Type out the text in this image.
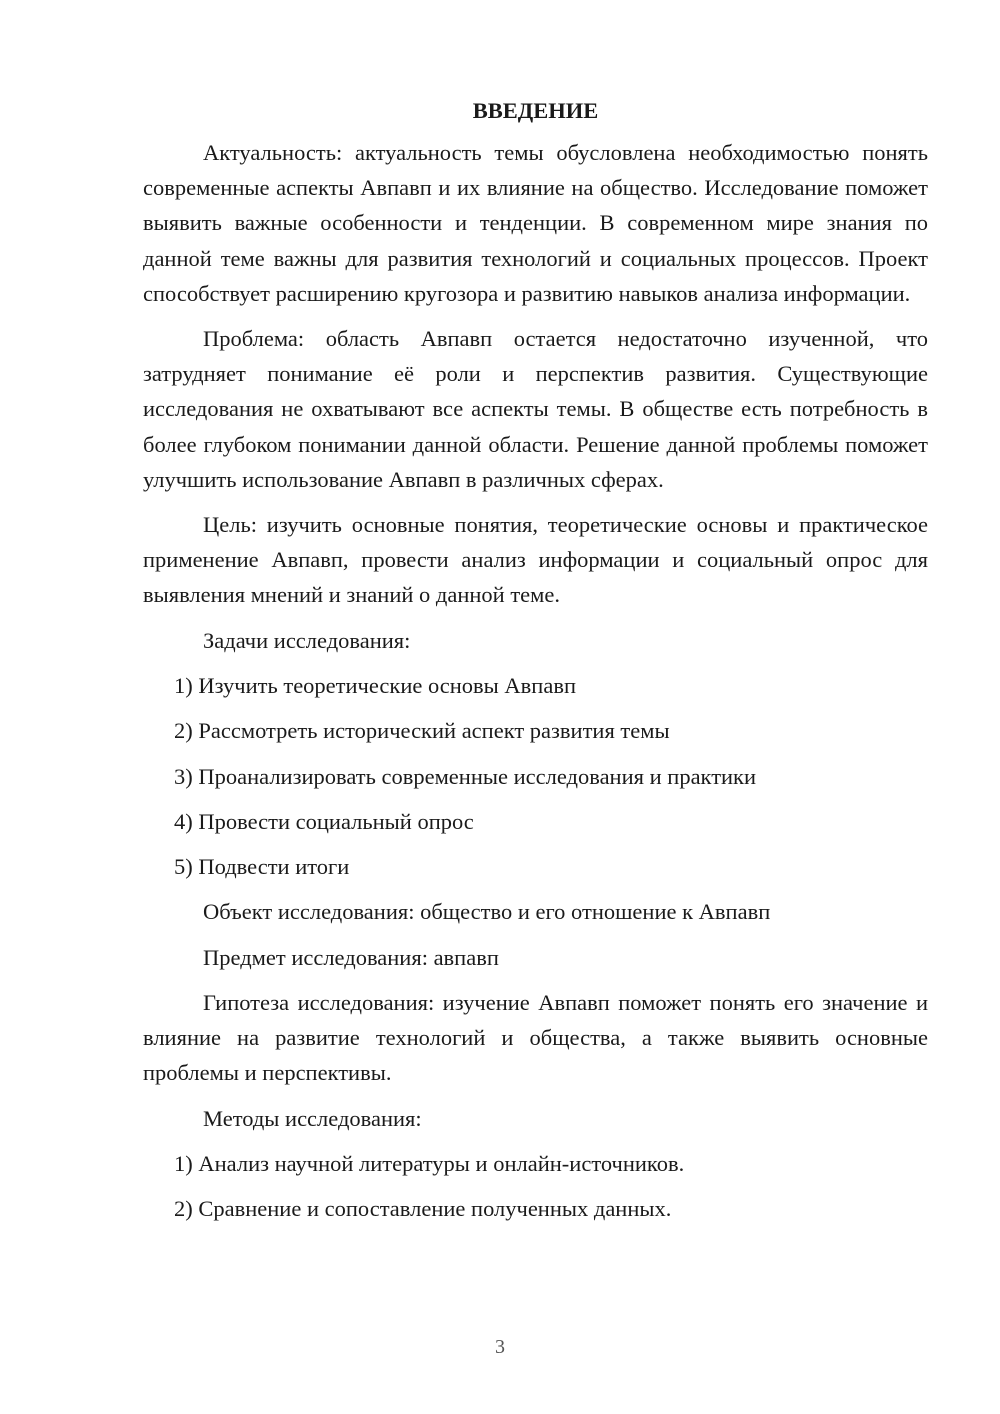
ВВЕДЕНИЕ

Актуальность: актуальность темы обусловлена необходимостью понять современные аспекты Авпавп и их влияние на общество. Исследование поможет выявить важные особенности и тенденции. В современном мире знания по данной теме важны для развития технологий и социальных процессов. Проект способствует расширению кругозора и развитию навыков анализа информации.

Проблема: область Авпавп остается недостаточно изученной, что затрудняет понимание её роли и перспектив развития. Существующие исследования не охватывают все аспекты темы. В обществе есть потребность в более глубоком понимании данной области. Решение данной проблемы поможет улучшить использование Авпавп в различных сферах.

Цель: изучить основные понятия, теоретические основы и практическое применение Авпавп, провести анализ информации и социальный опрос для выявления мнений и знаний о данной теме.

Задачи исследования:

1) Изучить теоретические основы Авпавп

2) Рассмотреть исторический аспект развития темы

3) Проанализировать современные исследования и практики

4) Провести социальный опрос

5) Подвести итоги

Объект исследования: общество и его отношение к Авпавп

Предмет исследования: авпавп

Гипотеза исследования: изучение Авпавп поможет понять его значение и влияние на развитие технологий и общества, а также выявить основные проблемы и перспективы.

Методы исследования:

1) Анализ научной литературы и онлайн-источников.

2) Сравнение и сопоставление полученных данных.

3
